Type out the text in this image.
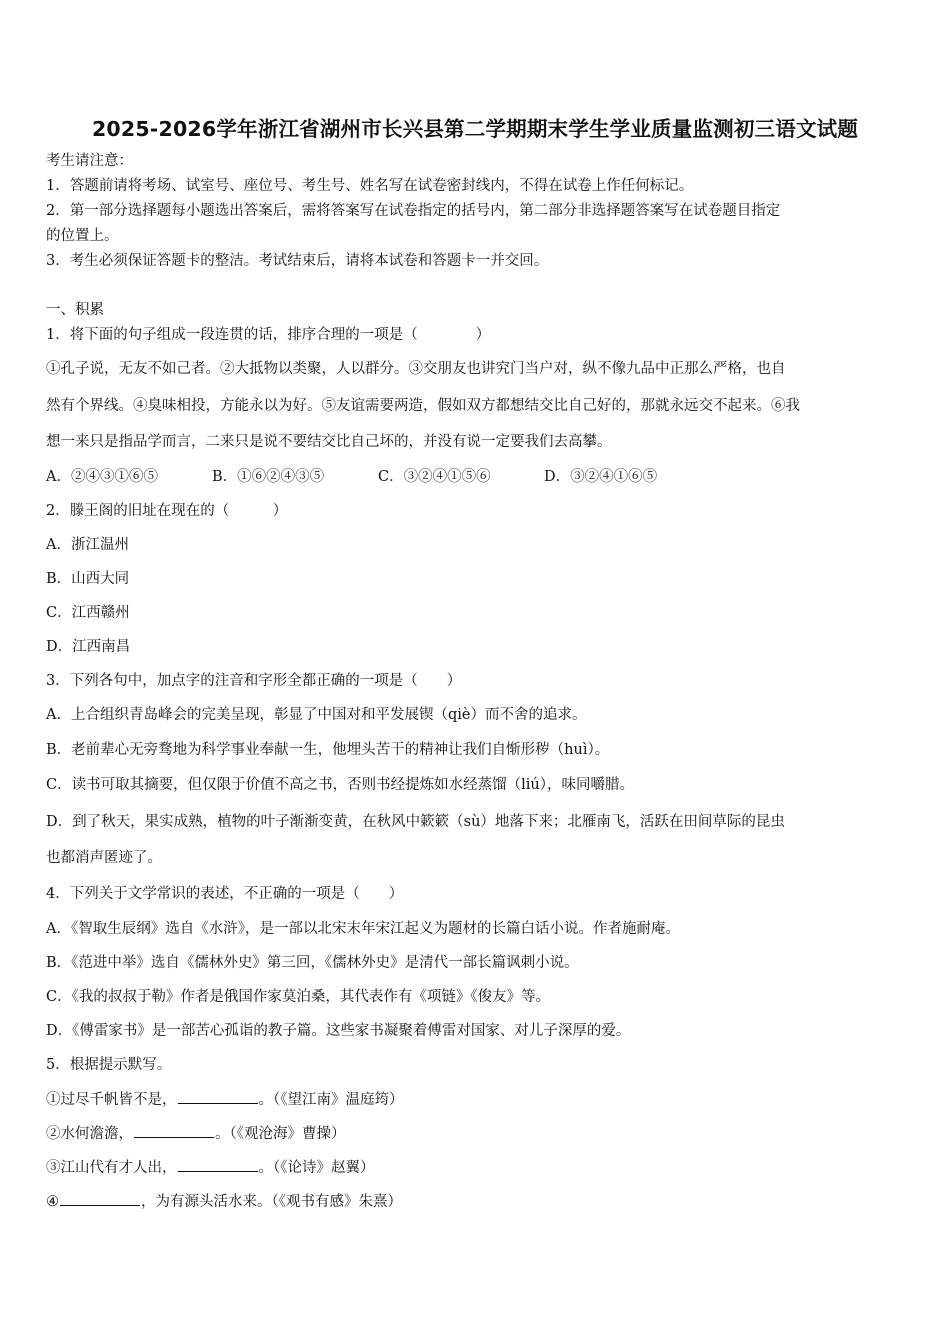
2025-2026学年浙江省湖州市长兴县第二学期期末学生学业质量监测初三语文试题
考生请注意：
1．答题前请将考场、试室号、座位号、考生号、姓名写在试卷密封线内，不得在试卷上作任何标记。
2．第一部分选择题每小题选出答案后，需将答案写在试卷指定的括号内，第二部分非选择题答案写在试卷题目指定
的位置上。
3．考生必须保证答题卡的整洁。考试结束后，请将本试卷和答题卡一并交回。
一、积累
1．将下面的句子组成一段连贯的话，排序合理的一项是（　　　　）
①孔子说，无友不如己者。②大抵物以类聚，人以群分。③交朋友也讲究门当户对，纵不像九品中正那么严格，也自
然有个界线。④臭味相投，方能永以为好。⑤友谊需要两造，假如双方都想结交比自己好的，那就永远交不起来。⑥我
想一来只是指品学而言，二来只是说不要结交比自己坏的，并没有说一定要我们去高攀。
A．②④③①⑥⑤	B．①⑥②④③⑤	C．③②④①⑤⑥	D．③②④①⑥⑤
2．滕王阁的旧址在现在的（　　　）
A．浙江温州
B．山西大同
C．江西赣州
D．江西南昌
3．下列各句中，加点字的注音和字形全都正确的一项是（　　）
A．上合组织青岛峰会的完美呈现，彰显了中国对和平发展锲（qiè）而不舍的追求。
B．老前辈心无旁骛地为科学事业奉献一生，他埋头苦干的精神让我们自惭形秽（huì）。
C．读书可取其摘要，但仅限于价值不高之书，否则书经提炼如水经蒸馏（liú），味同嚼腊。
D．到了秋天，果实成熟，植物的叶子渐渐变黄，在秋风中簌簌（sù）地落下来；北雁南飞，活跃在田间草际的昆虫
也都消声匿迹了。
4．下列关于文学常识的表述，不正确的一项是（　　）
A．《智取生辰纲》选自《水浒》，是一部以北宋末年宋江起义为题材的长篇白话小说。作者施耐庵。
B．《范进中举》选自《儒林外史》第三回，《儒林外史》是清代一部长篇讽刺小说。
C．《我的叔叔于勒》作者是俄国作家莫泊桑，其代表作有《项链》《俊友》等。
D．《傅雷家书》是一部苦心孤诣的教子篇。这些家书凝聚着傅雷对国家、对儿子深厚的爱。
5．根据提示默写。
①过尽千帆皆不是，	。（《望江南》温庭筠）
②水何澹澹，	。（《观沧海》曹操）
③江山代有才人出，	。（《论诗》赵翼）
④	，为有源头活水来。（《观书有感》朱熹）
